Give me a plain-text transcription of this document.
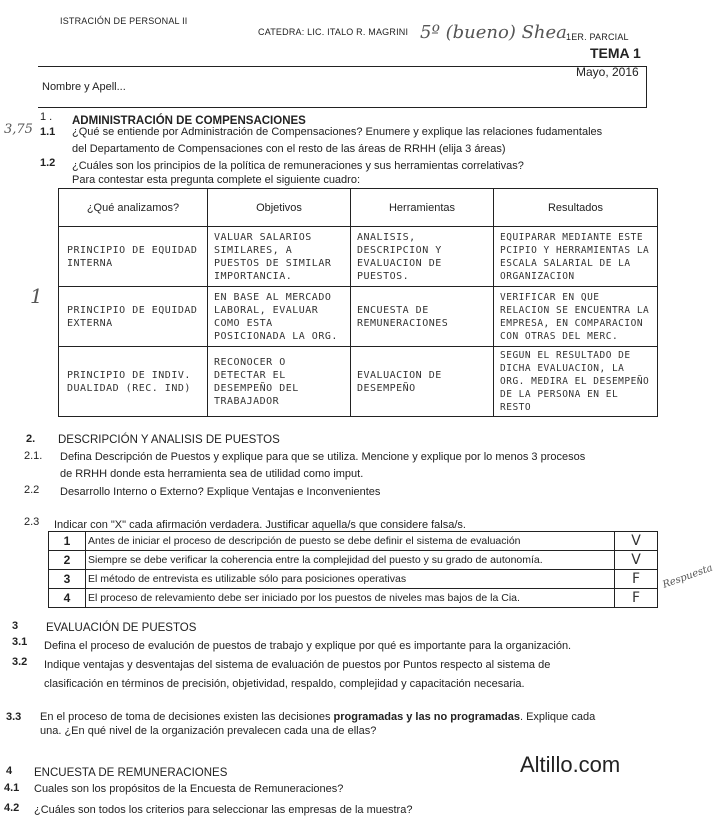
ISTRACIÓN DE PERSONAL II
CATEDRA: LIC. ITALO R. MAGRINI 5º (bueno) Shea 1ER. PARCIAL
TEMA 1
Mayo, 2016
Nombre y Apell...
3,75
1 . ADMINISTRACIÓN DE COMPENSACIONES
1.1 ¿Qué se entiende por Administración de Compensaciones? Enumere y explique las relaciones fudamentales
del Departamento de Compensaciones con el resto de las áreas de RRHH (elija 3 áreas)
1.2 ¿Cuáles son los principios de la política de remuneraciones y sus herramientas correlativas?
Para contestar esta pregunta complete el siguiente cuadro:
1
¿Qué analizamos?	Objetivos	Herramientas	Resultados
PRINCIPIO DE EQUIDAD INTERNA	VALUAR SALARIOS SIMILARES, A PUESTOS DE SIMILAR IMPORTANCIA.	ANALISIS, DESCRIPCION Y EVALUACION DE PUESTOS.	EQUIPARAR MEDIANTE ESTE PCIPIO Y HERRAMIENTAS LA ESCALA SALARIAL DE LA ORGANIZACION
PRINCIPIO DE EQUIDAD EXTERNA	EN BASE AL MERCADO LABORAL, EVALUAR COMO ESTA POSICIONADA LA ORG.	ENCUESTA DE REMUNERACIONES	VERIFICAR EN QUE RELACION SE ENCUENTRA LA EMPRESA, EN COMPARACION CON OTRAS DEL MERC.
PRINCIPIO DE INDIV. DUALIDAD (REC. IND)	RECONOCER O DETECTAR EL DESEMPEÑO DEL TRABAJADOR	EVALUACION DE DESEMPEÑO	SEGUN EL RESULTADO DE DICHA EVALUACION, LA ORG. MEDIRA EL DESEMPEÑO DE LA PERSONA EN EL RESTO
2. DESCRIPCIÓN Y ANALISIS DE PUESTOS
2.1. Defina Descripción de Puestos y explique para que se utiliza. Mencione y explique por lo menos 3 procesos
de RRHH donde esta herramienta sea de utilidad como imput.
2.2 Desarrollo Interno o Externo? Explique Ventajas e Inconvenientes
2.3 Indicar con "X" cada afirmación verdadera. Justificar aquella/s que considere falsa/s.
1	Antes de iniciar el proceso de descripción de puesto se debe definir el sistema de evaluación	V
2	Siempre se debe verificar la coherencia entre la complejidad del puesto y su grado de autonomía.	V
3	El método de entrevista es utilizable sólo para posiciones operativas	F
4	El proceso de relevamiento debe ser iniciado por los puestos de niveles mas bajos de la Cia.	F
Respuesta
3 EVALUACIÓN DE PUESTOS
3.1 Defina el proceso de evalución de puestos de trabajo y explique por qué es importante para la organización.
3.2 Indique ventajas y desventajas del sistema de evaluación de puestos por Puntos respecto al sistema de
clasificación en términos de precisión, objetividad, respaldo, complejidad y capacitación necesaria.
3.3 En el proceso de toma de decisiones existen las decisiones programadas y las no programadas. Explique cada
una. ¿En qué nivel de la organización prevalecen cada una de ellas?
4 ENCUESTA DE REMUNERACIONES	Altillo.com
4.1 Cuales son los propósitos de la Encuesta de Remuneraciones?
4.2 ¿Cuáles son todos los criterios para seleccionar las empresas de la muestra?
